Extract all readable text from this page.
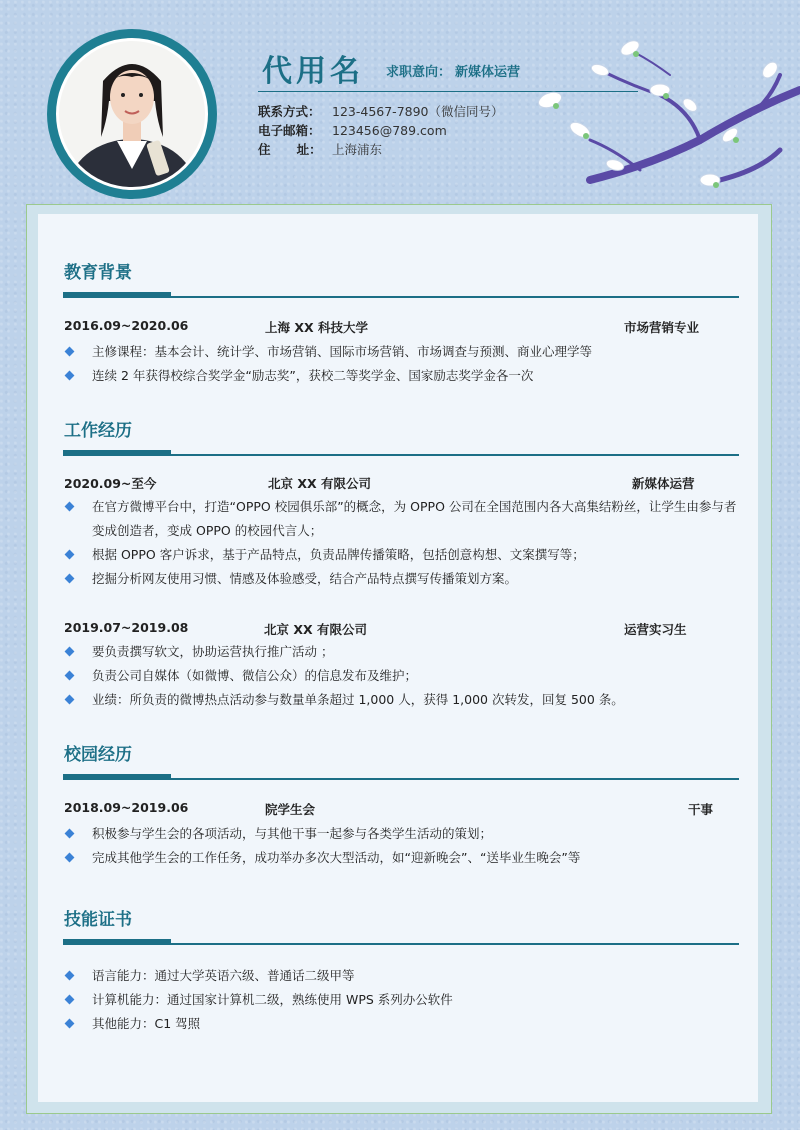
代用名 求职意向： 新媒体运营
联系方式： 123-4567-7890（微信同号）
电子邮箱： 123456@789.com
住      址： 上海浦东
教育背景
2016.09~2020.06	上海 XX 科技大学	市场营销专业
主修课程：基本会计、统计学、市场营销、国际市场营销、市场调查与预测、商业心理学等
连续 2 年获得校综合奖学金“励志奖”，获校二等奖学金、国家励志奖学金各一次
工作经历
2020.09~至今	北京 XX 有限公司	新媒体运营
在官方微博平台中，打造“OPPO 校园俱乐部”的概念，为 OPPO 公司在全国范围内各大高集结粉丝，让学生由参与者变成创造者，变成 OPPO 的校园代言人；
根据 OPPO 客户诉求，基于产品特点，负责品牌传播策略，包括创意构想、文案撰写等；
挖掘分析网友使用习惯、情感及体验感受，结合产品特点撰写传播策划方案。
2019.07~2019.08	北京 XX 有限公司	运营实习生
要负责撰写软文，协助运营执行推广活动 ；
负责公司自媒体（如微博、微信公众）的信息发布及维护；
业绩：所负责的微博热点活动参与数量单条超过 1,000 人，获得 1,000 次转发，回复 500 条。
校园经历
2018.09~2019.06	院学生会	干事
积极参与学生会的各项活动，与其他干事一起参与各类学生活动的策划；
完成其他学生会的工作任务，成功举办多次大型活动，如“迎新晚会”、“送毕业生晚会”等
技能证书
语言能力：通过大学英语六级、普通话二级甲等
计算机能力：通过国家计算机二级，熟练使用 WPS 系列办公软件
其他能力：C1 驾照
